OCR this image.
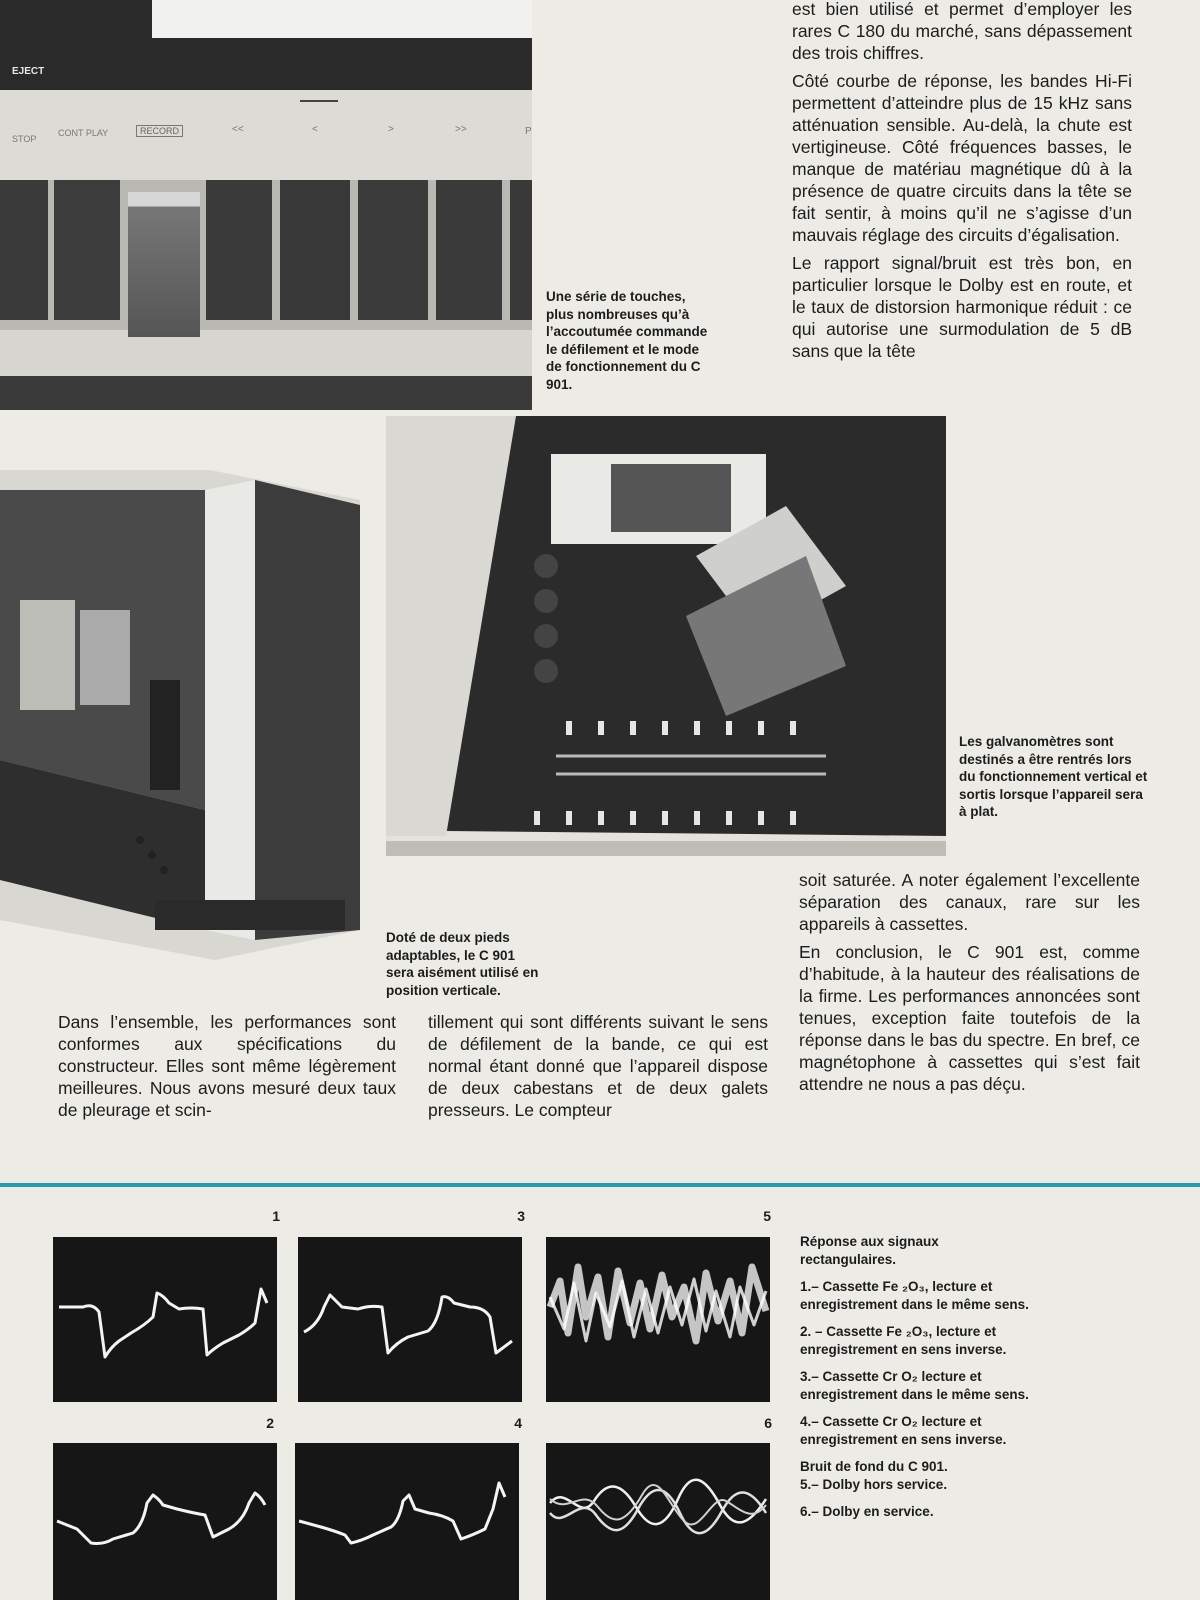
EJECT
STOP
CONT PLAY	RECORD	<<	<	>	>>	P
Une série de touches, plus nombreuses qu’à l’accoutumée commande le défilement et le mode de fonctionnement du C 901.

est bien utilisé et permet d’employer les rares C 180 du marché, sans dépassement des trois chiffres.

Côté courbe de réponse, les bandes Hi-Fi permettent d’atteindre plus de 15 kHz sans atténuation sensible. Au-delà, la chute est vertigineuse. Côté fréquences basses, le manque de matériau magnétique dû à la présence de quatre circuits dans la tête se fait sentir, à moins qu’il ne s’agisse d’un mauvais réglage des circuits d’égalisation.

Le rapport signal/bruit est très bon, en particulier lorsque le Dolby est en route, et le taux de distorsion harmonique réduit : ce qui autorise une surmodulation de 5 dB sans que la tête

Doté de deux pieds adaptables, le C 901 sera aisément utilisé en position verticale.
Les galvanomètres sont destinés a être rentrés lors du fonctionnement vertical et sortis lorsque l’appareil sera à plat.

soit saturée. A noter également l’excellente séparation des canaux, rare sur les appareils à cassettes.

En conclusion, le C 901 est, comme d’habitude, à la hauteur des réalisations de la firme. Les performances annoncées sont tenues, exception faite toutefois de la réponse dans le bas du spectre. En bref, ce magnétophone à cassettes qui s’est fait attendre ne nous a pas déçu.

Dans l’ensemble, les performances sont conformes aux spécifications du constructeur. Elles sont même légèrement meilleures. Nous avons mesuré deux taux de pleurage et scin-

tillement qui sont différents suivant le sens de défilement de la bande, ce qui est normal étant donné que l’appareil dispose de deux cabestans et de deux galets presseurs. Le compteur

1	3	5
2	4	6

Réponse aux signaux rectangulaires.

1.– Cassette Fe ₂O₃, lecture et enregistrement dans le même sens.

2. – Cassette Fe ₂O₃, lecture et enregistrement en sens inverse.

3.– Cassette Cr O₂ lecture et enregistrement dans le même sens.

4.– Cassette Cr O₂ lecture et enregistrement en sens inverse.

Bruit de fond du C 901.

5.– Dolby hors service.

6.– Dolby en service.
